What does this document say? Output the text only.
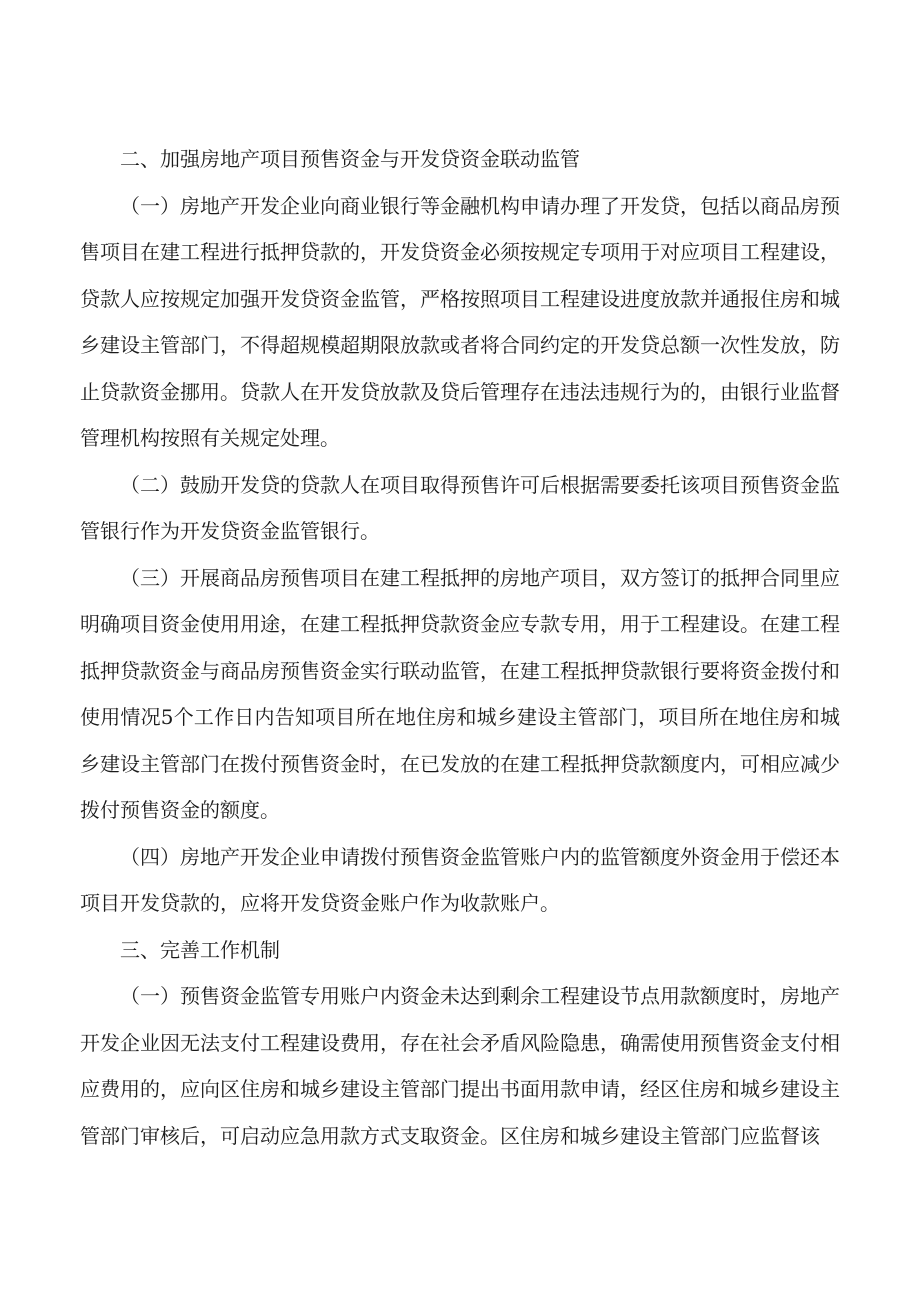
二、加强房地产项目预售资金与开发贷资金联动监管

（一）房地产开发企业向商业银行等金融机构申请办理了开发贷，包括以商品房预售项目在建工程进行抵押贷款的，开发贷资金必须按规定专项用于对应项目工程建设，贷款人应按规定加强开发贷资金监管，严格按照项目工程建设进度放款并通报住房和城乡建设主管部门，不得超规模超期限放款或者将合同约定的开发贷总额一次性发放，防止贷款资金挪用。贷款人在开发贷放款及贷后管理存在违法违规行为的，由银行业监督管理机构按照有关规定处理。

（二）鼓励开发贷的贷款人在项目取得预售许可后根据需要委托该项目预售资金监管银行作为开发贷资金监管银行。

（三）开展商品房预售项目在建工程抵押的房地产项目，双方签订的抵押合同里应明确项目资金使用用途，在建工程抵押贷款资金应专款专用，用于工程建设。在建工程抵押贷款资金与商品房预售资金实行联动监管，在建工程抵押贷款银行要将资金拨付和使用情况5个工作日内告知项目所在地住房和城乡建设主管部门，项目所在地住房和城乡建设主管部门在拨付预售资金时，在已发放的在建工程抵押贷款额度内，可相应减少拨付预售资金的额度。

（四）房地产开发企业申请拨付预售资金监管账户内的监管额度外资金用于偿还本项目开发贷款的，应将开发贷资金账户作为收款账户。

三、完善工作机制

（一）预售资金监管专用账户内资金未达到剩余工程建设节点用款额度时，房地产开发企业因无法支付工程建设费用，存在社会矛盾风险隐患，确需使用预售资金支付相应费用的，应向区住房和城乡建设主管部门提出书面用款申请，经区住房和城乡建设主管部门审核后，可启动应急用款方式支取资金。区住房和城乡建设主管部门应监督该
